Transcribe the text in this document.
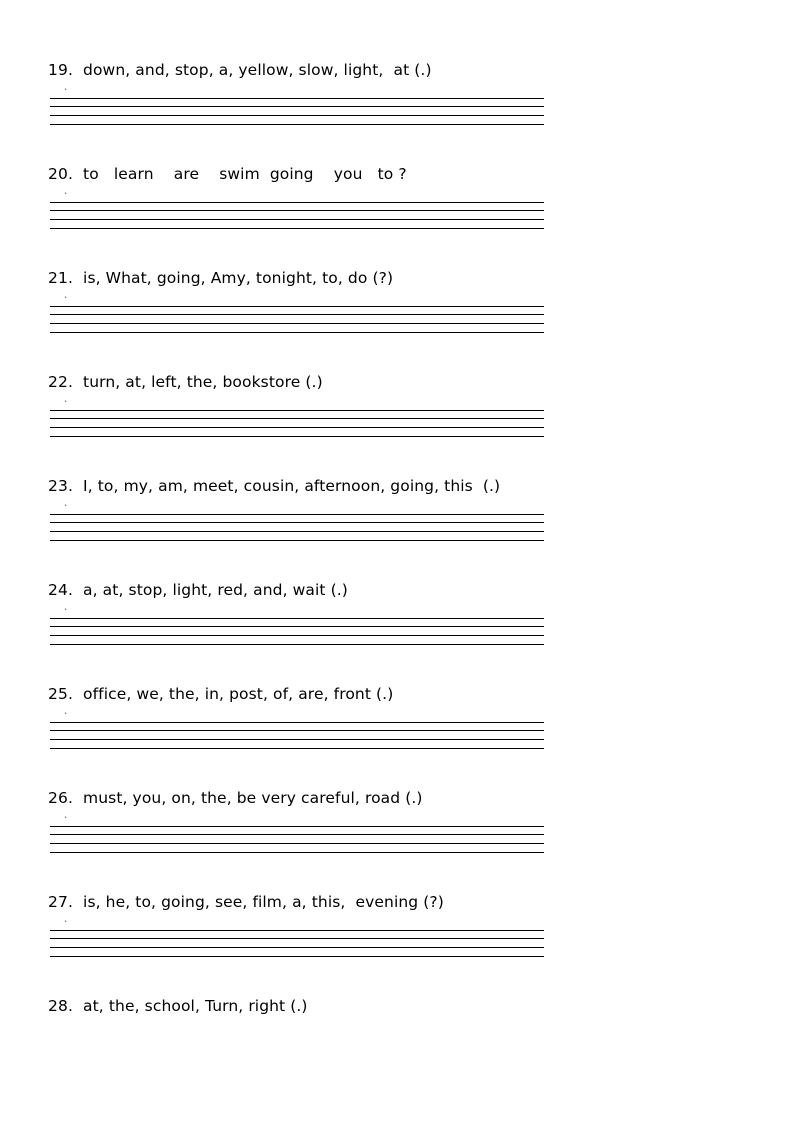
19. down, and, stop, a, yellow, slow, light,  at (.)
`
20. to   learn    are    swim  going    you   to ?
`
21. is, What, going, Amy, tonight, to, do (?)
`
22. turn, at, left, the, bookstore (.)
`
23. I, to, my, am, meet, cousin, afternoon, going, this  (.)
`
24. a, at, stop, light, red, and, wait (.)
`
25. office, we, the, in, post, of, are, front (.)
`
26. must, you, on, the, be very careful, road (.)
`
27. is, he, to, going, see, film, a, this,  evening (?)
`
28. at, the, school, Turn, right (.)
